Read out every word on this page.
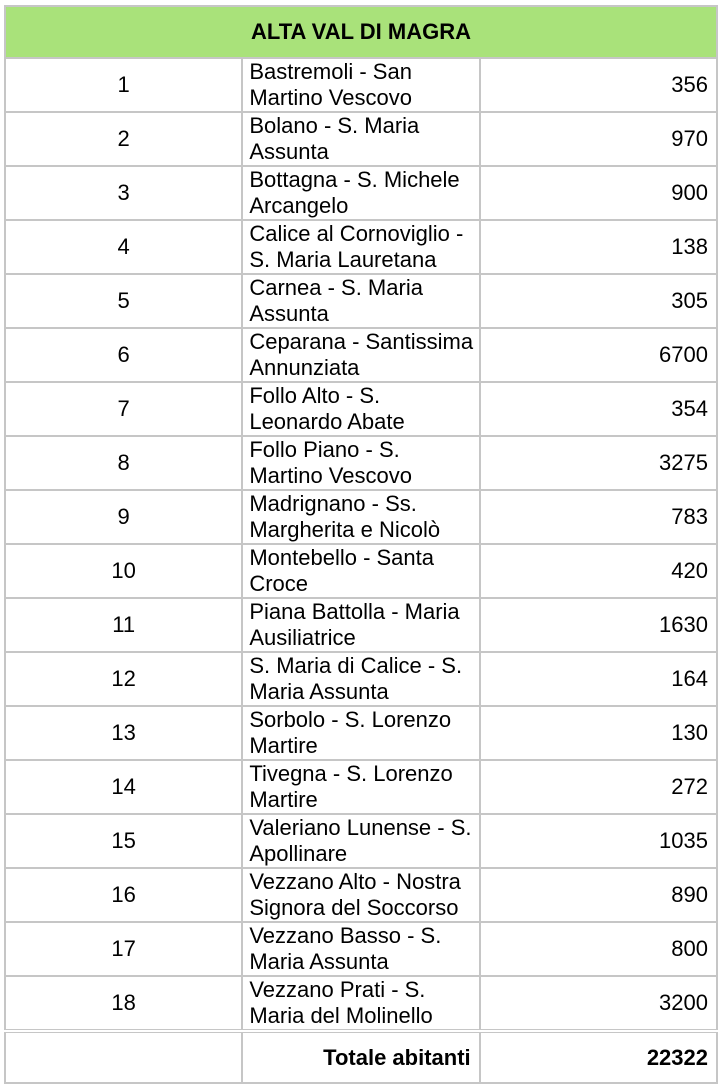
ALTA VAL DI MAGRA		
1	Bastremoli - San Martino Vescovo	356
2	Bolano - S. Maria Assunta	970
3	Bottagna - S. Michele Arcangelo	900
4	Calice al Cornoviglio - S. Maria Lauretana	138
5	Carnea - S. Maria Assunta	305
6	Ceparana - Santissima Annunziata	6700
7	Follo Alto - S. Leonardo Abate	354
8	Follo Piano - S. Martino Vescovo	3275
9	Madrignano - Ss. Margherita e Nicolò	783
10	Montebello - Santa Croce	420
11	Piana Battolla - Maria Ausiliatrice	1630
12	S. Maria di Calice - S. Maria Assunta	164
13	Sorbolo - S. Lorenzo Martire	130
14	Tivegna - S. Lorenzo Martire	272
15	Valeriano Lunense - S. Apollinare	1035
16	Vezzano Alto - Nostra Signora del Soccorso	890
17	Vezzano Basso - S. Maria Assunta	800
18	Vezzano Prati - S. Maria del Molinello	3200
	Totale abitanti	22322
